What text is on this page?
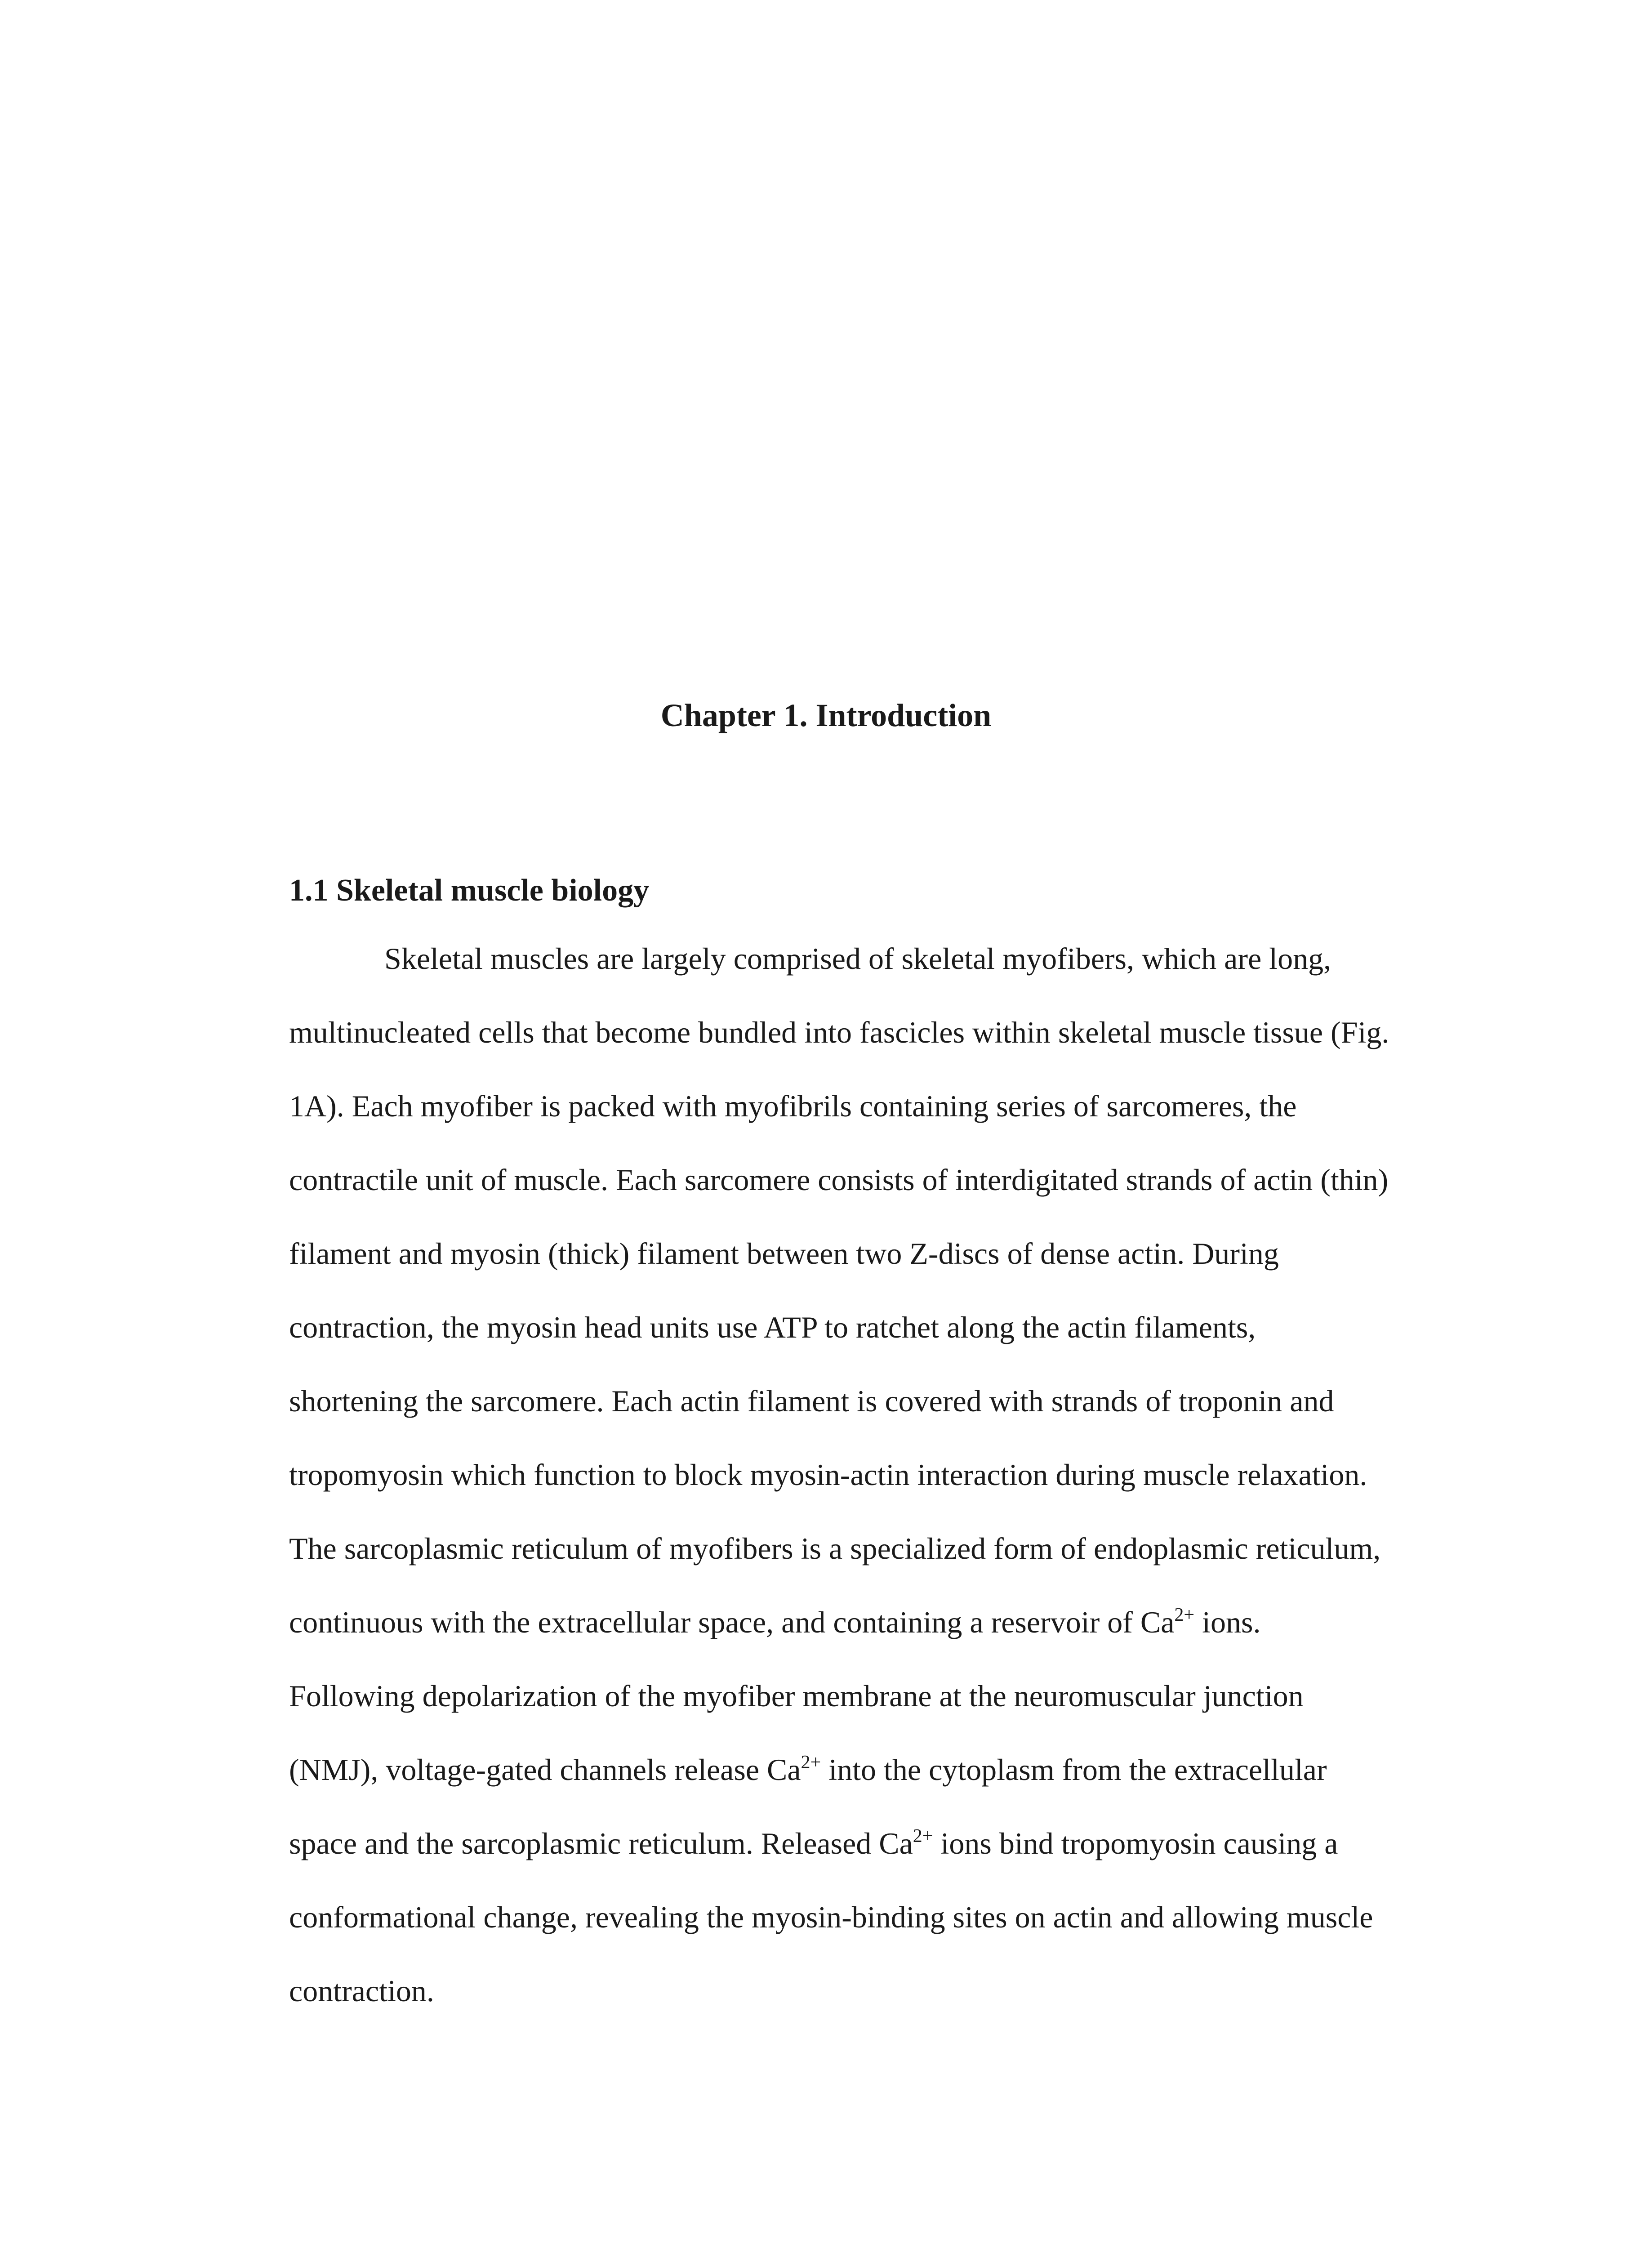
Chapter 1. Introduction
1.1 Skeletal muscle biology
Skeletal muscles are largely comprised of skeletal myofibers, which are long,
multinucleated cells that become bundled into fascicles within skeletal muscle tissue (Fig.
1A). Each myofiber is packed with myofibrils containing series of sarcomeres, the
contractile unit of muscle. Each sarcomere consists of interdigitated strands of actin (thin)
filament and myosin (thick) filament between two Z-discs of dense actin. During
contraction, the myosin head units use ATP to ratchet along the actin filaments,
shortening the sarcomere. Each actin filament is covered with strands of troponin and
tropomyosin which function to block myosin-actin interaction during muscle relaxation.
The sarcoplasmic reticulum of myofibers is a specialized form of endoplasmic reticulum,
continuous with the extracellular space, and containing a reservoir of $Ca^{2+}$ ions.
Following depolarization of the myofiber membrane at the neuromuscular junction
(NMJ), voltage-gated channels release $Ca^{2+}$ into the cytoplasm from the extracellular
space and the sarcoplasmic reticulum. Released $Ca^{2+}$ ions bind tropomyosin causing a
conformational change, revealing the myosin-binding sites on actin and allowing muscle
contraction.
